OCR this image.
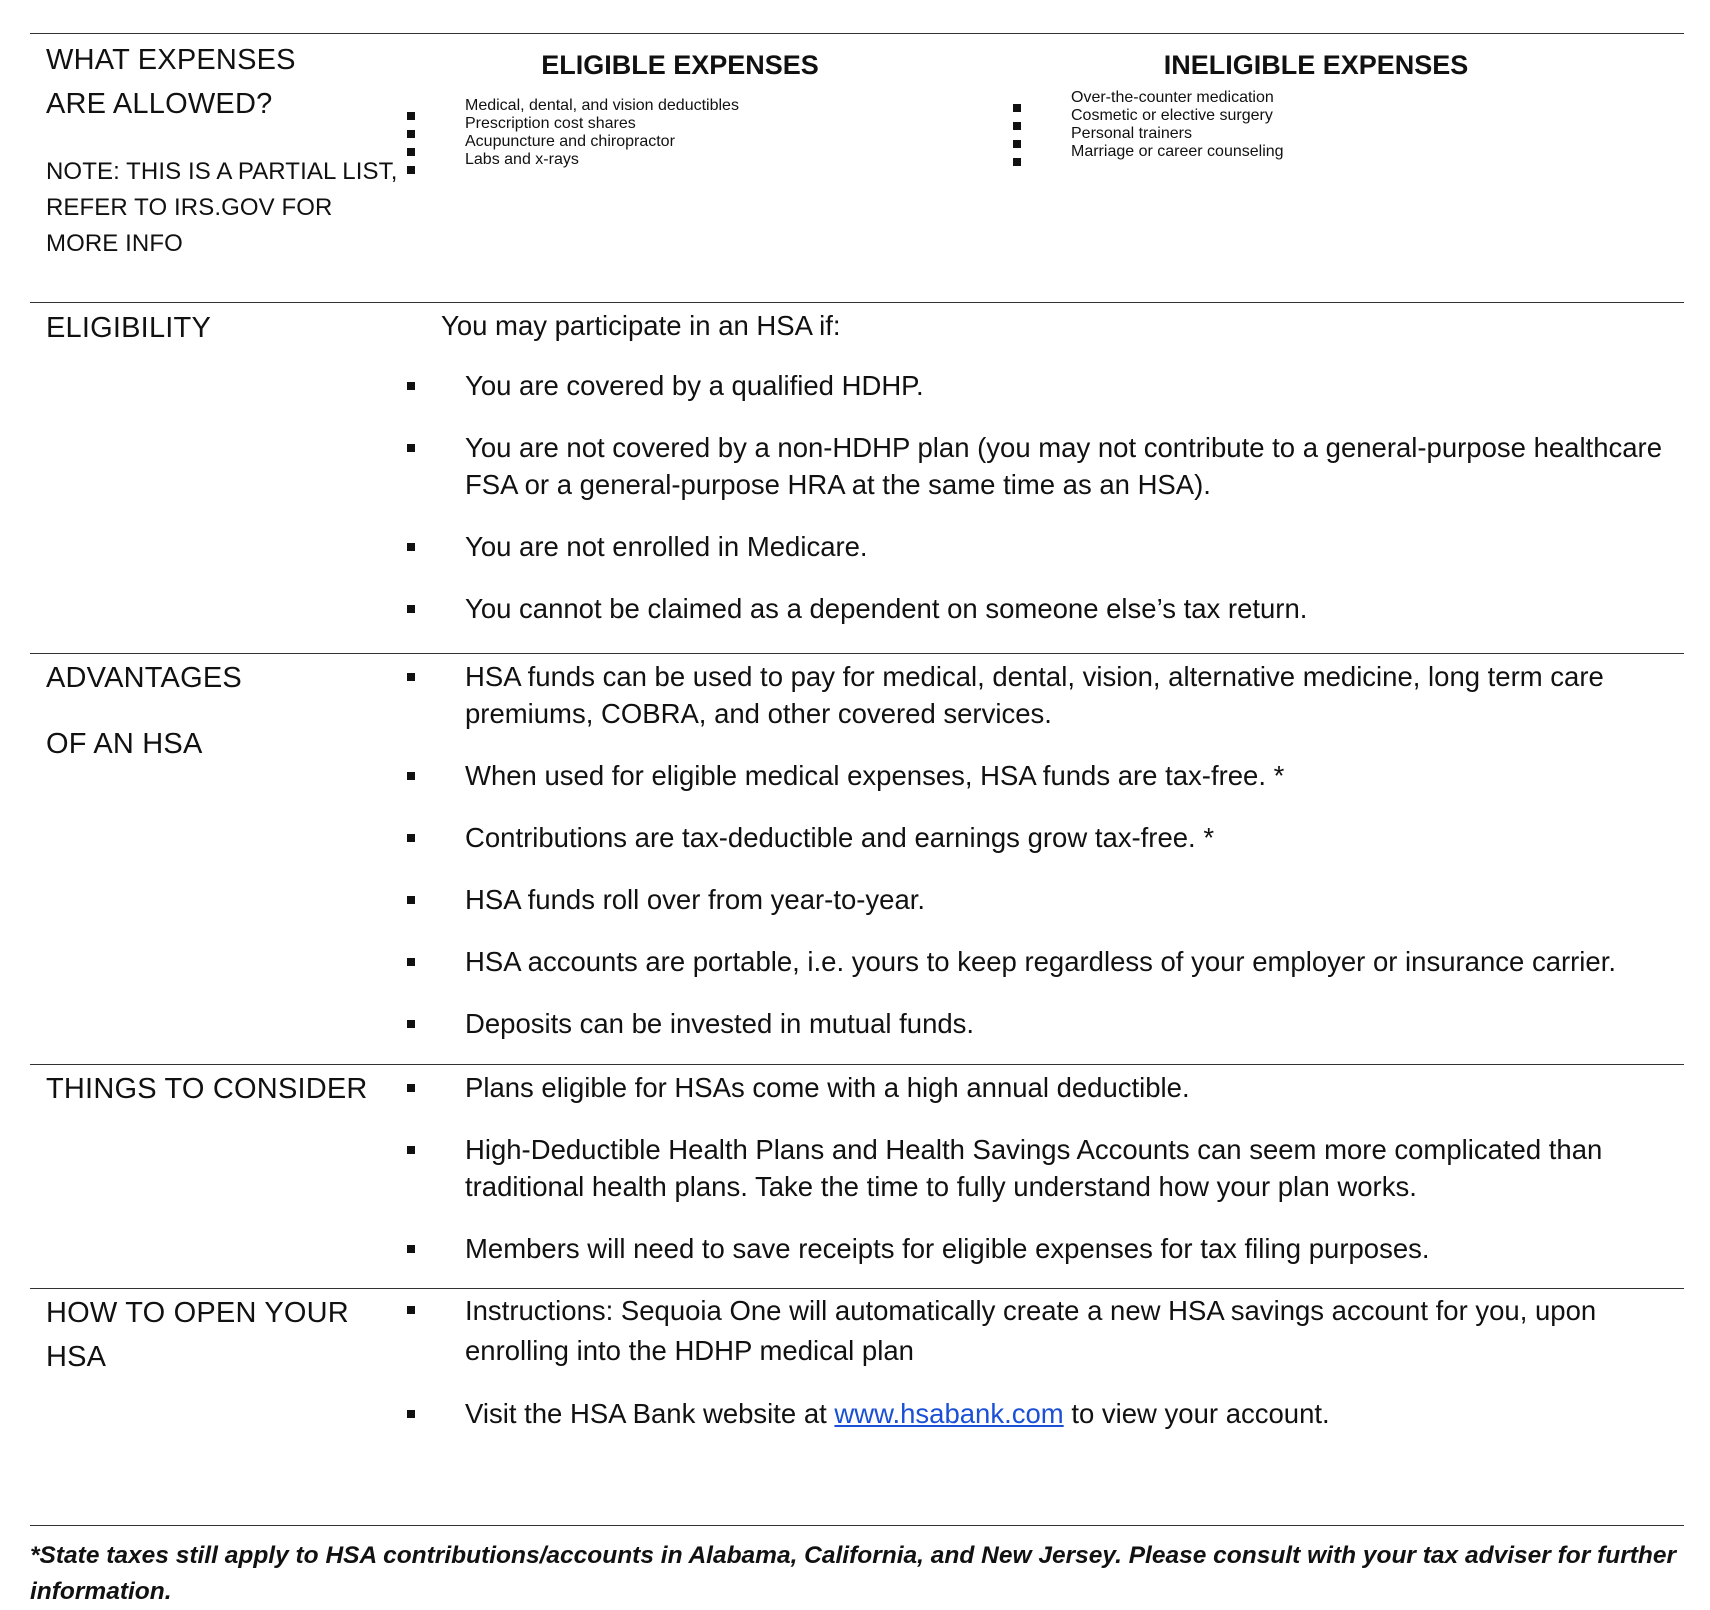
WHAT EXPENSES
ARE ALLOWED?
NOTE: THIS IS A PARTIAL LIST,
REFER TO IRS.GOV FOR
MORE INFO
ELIGIBLE EXPENSES
Medical, dental, and vision deductibles
Prescription cost shares
Acupuncture and chiropractor
Labs and x-rays
INELIGIBLE EXPENSES
Over-the-counter medication
Cosmetic or elective surgery
Personal trainers
Marriage or career counseling
ELIGIBILITY	You may participate in an HSA if:
You are covered by a qualified HDHP.
You are not covered by a non-HDHP plan (you may not contribute to a general-purpose healthcare FSA or a general-purpose HRA at the same time as an HSA).
You are not enrolled in Medicare.
You cannot be claimed as a dependent on someone else’s tax return.
ADVANTAGES
OF AN HSA
HSA funds can be used to pay for medical, dental, vision, alternative medicine, long term care premiums, COBRA, and other covered services.
When used for eligible medical expenses, HSA funds are tax-free. *
Contributions are tax-deductible and earnings grow tax-free. *
HSA funds roll over from year-to-year.
HSA accounts are portable, i.e. yours to keep regardless of your employer or insurance carrier.
Deposits can be invested in mutual funds.
THINGS TO CONSIDER	Plans eligible for HSAs come with a high annual deductible.
High-Deductible Health Plans and Health Savings Accounts can seem more complicated than traditional health plans. Take the time to fully understand how your plan works.
Members will need to save receipts for eligible expenses for tax filing purposes.
HOW TO OPEN YOUR
HSA
Instructions: Sequoia One will automatically create a new HSA savings account for you, upon enrolling into the HDHP medical plan
Visit the HSA Bank website at www.hsabank.com to view your account.
*State taxes still apply to HSA contributions/accounts in Alabama, California, and New Jersey. Please consult with your tax adviser for further information.
